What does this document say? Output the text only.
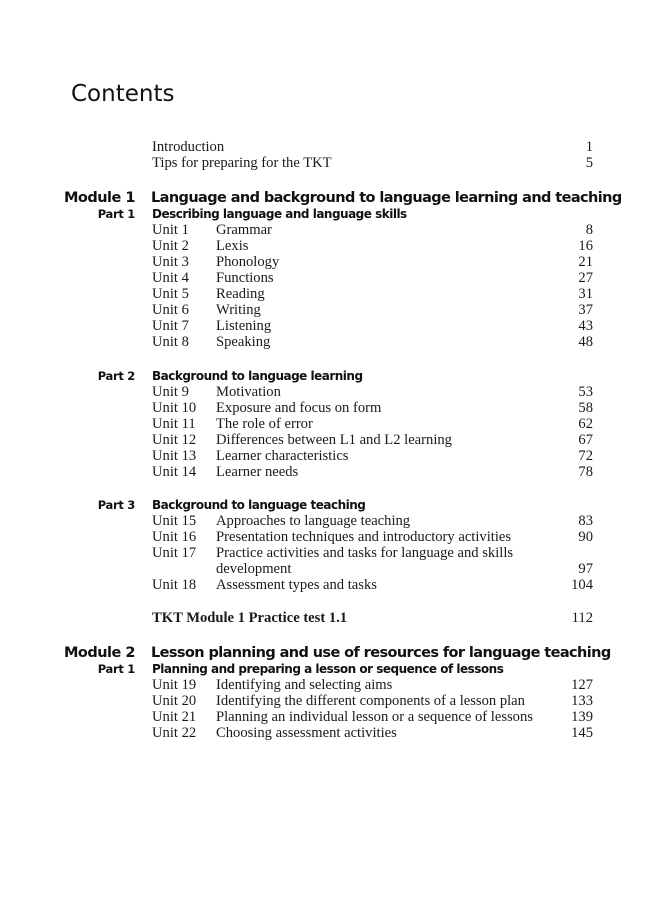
Contents
Introduction	1
Tips for preparing for the TKT	5
Module 1 Language and background to language learning and teaching
Part 1 Describing language and language skills
Unit 1 Grammar	8
Unit 2 Lexis	16
Unit 3 Phonology	21
Unit 4 Functions	27
Unit 5 Reading	31
Unit 6 Writing	37
Unit 7 Listening	43
Unit 8 Speaking	48
Part 2 Background to language learning
Unit 9 Motivation	53
Unit 10 Exposure and focus on form	58
Unit 11 The role of error	62
Unit 12 Differences between L1 and L2 learning	67
Unit 13 Learner characteristics	72
Unit 14 Learner needs	78
Part 3 Background to language teaching
Unit 15 Approaches to language teaching	83
Unit 16 Presentation techniques and introductory activities	90
Unit 17 Practice activities and tasks for language and skills
development	97
Unit 18 Assessment types and tasks	104
TKT Module 1 Practice test 1.1	112
Module 2 Lesson planning and use of resources for language teaching
Part 1 Planning and preparing a lesson or sequence of lessons
Unit 19 Identifying and selecting aims	127
Unit 20 Identifying the different components of a lesson plan	133
Unit 21 Planning an individual lesson or a sequence of lessons	139
Unit 22 Choosing assessment activities	145
